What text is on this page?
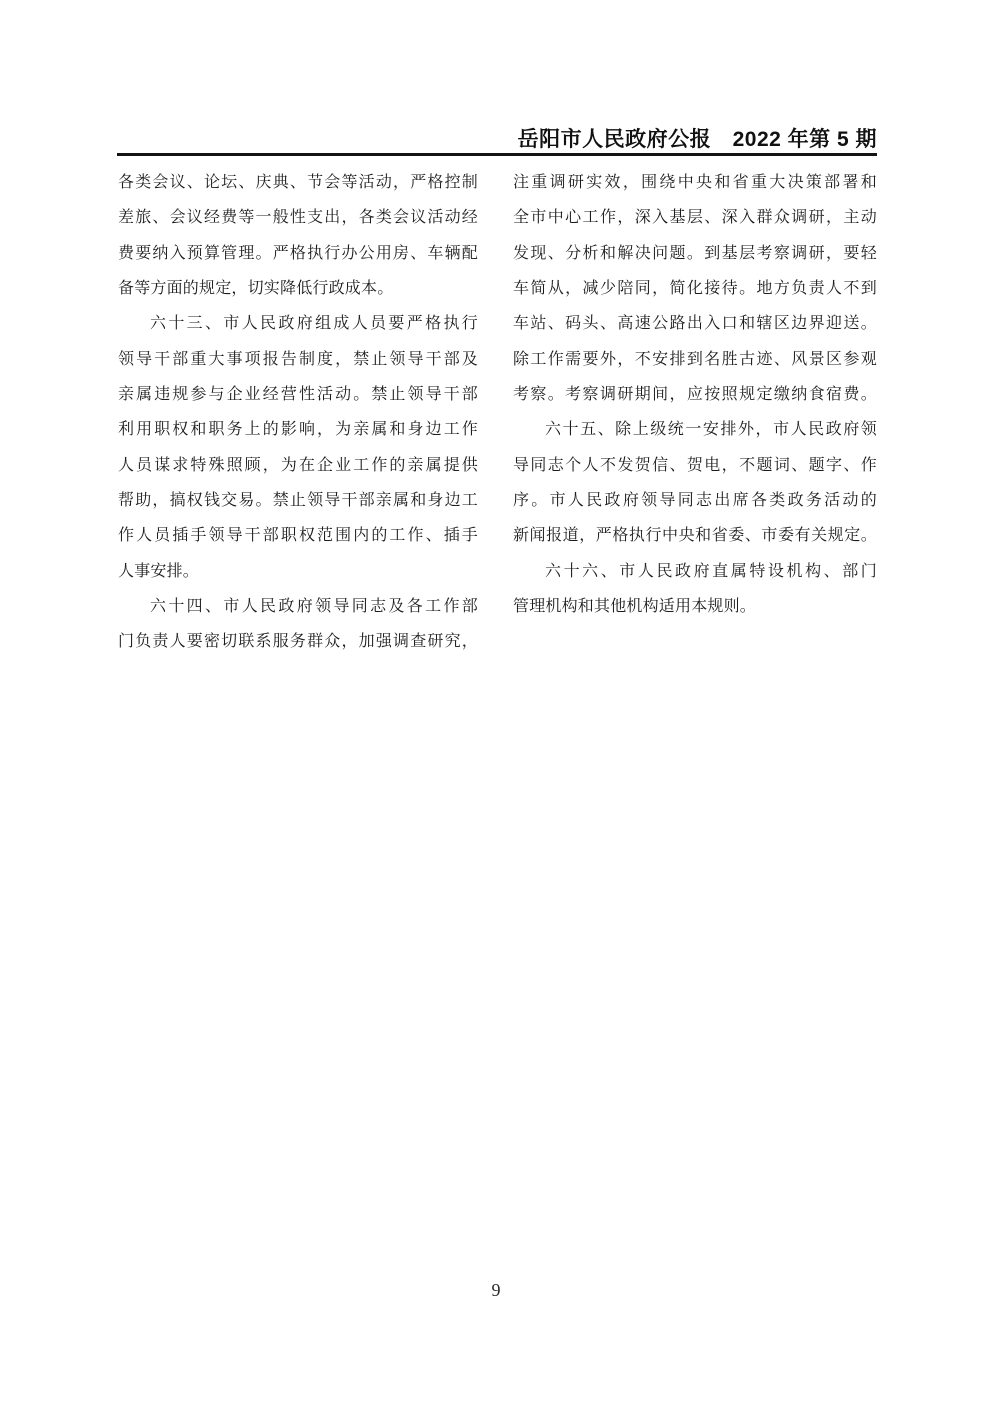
岳阳市人民政府公报　2022 年第 5 期
各类会议、论坛、庆典、节会等活动，严格控制
差旅、会议经费等一般性支出，各类会议活动经
费要纳入预算管理。严格执行办公用房、车辆配
备等方面的规定，切实降低行政成本。
六十三、市人民政府组成人员要严格执行
领导干部重大事项报告制度，禁止领导干部及
亲属违规参与企业经营性活动。禁止领导干部
利用职权和职务上的影响，为亲属和身边工作
人员谋求特殊照顾，为在企业工作的亲属提供
帮助，搞权钱交易。禁止领导干部亲属和身边工
作人员插手领导干部职权范围内的工作、插手
人事安排。
六十四、市人民政府领导同志及各工作部
门负责人要密切联系服务群众，加强调查研究，
注重调研实效，围绕中央和省重大决策部署和
全市中心工作，深入基层、深入群众调研，主动
发现、分析和解决问题。到基层考察调研，要轻
车简从，减少陪同，简化接待。地方负责人不到
车站、码头、高速公路出入口和辖区边界迎送。
除工作需要外，不安排到名胜古迹、风景区参观
考察。考察调研期间，应按照规定缴纳食宿费。
六十五、除上级统一安排外，市人民政府领
导同志个人不发贺信、贺电，不题词、题字、作
序。市人民政府领导同志出席各类政务活动的
新闻报道，严格执行中央和省委、市委有关规定。
六十六、市人民政府直属特设机构、部门
管理机构和其他机构适用本规则。
9
